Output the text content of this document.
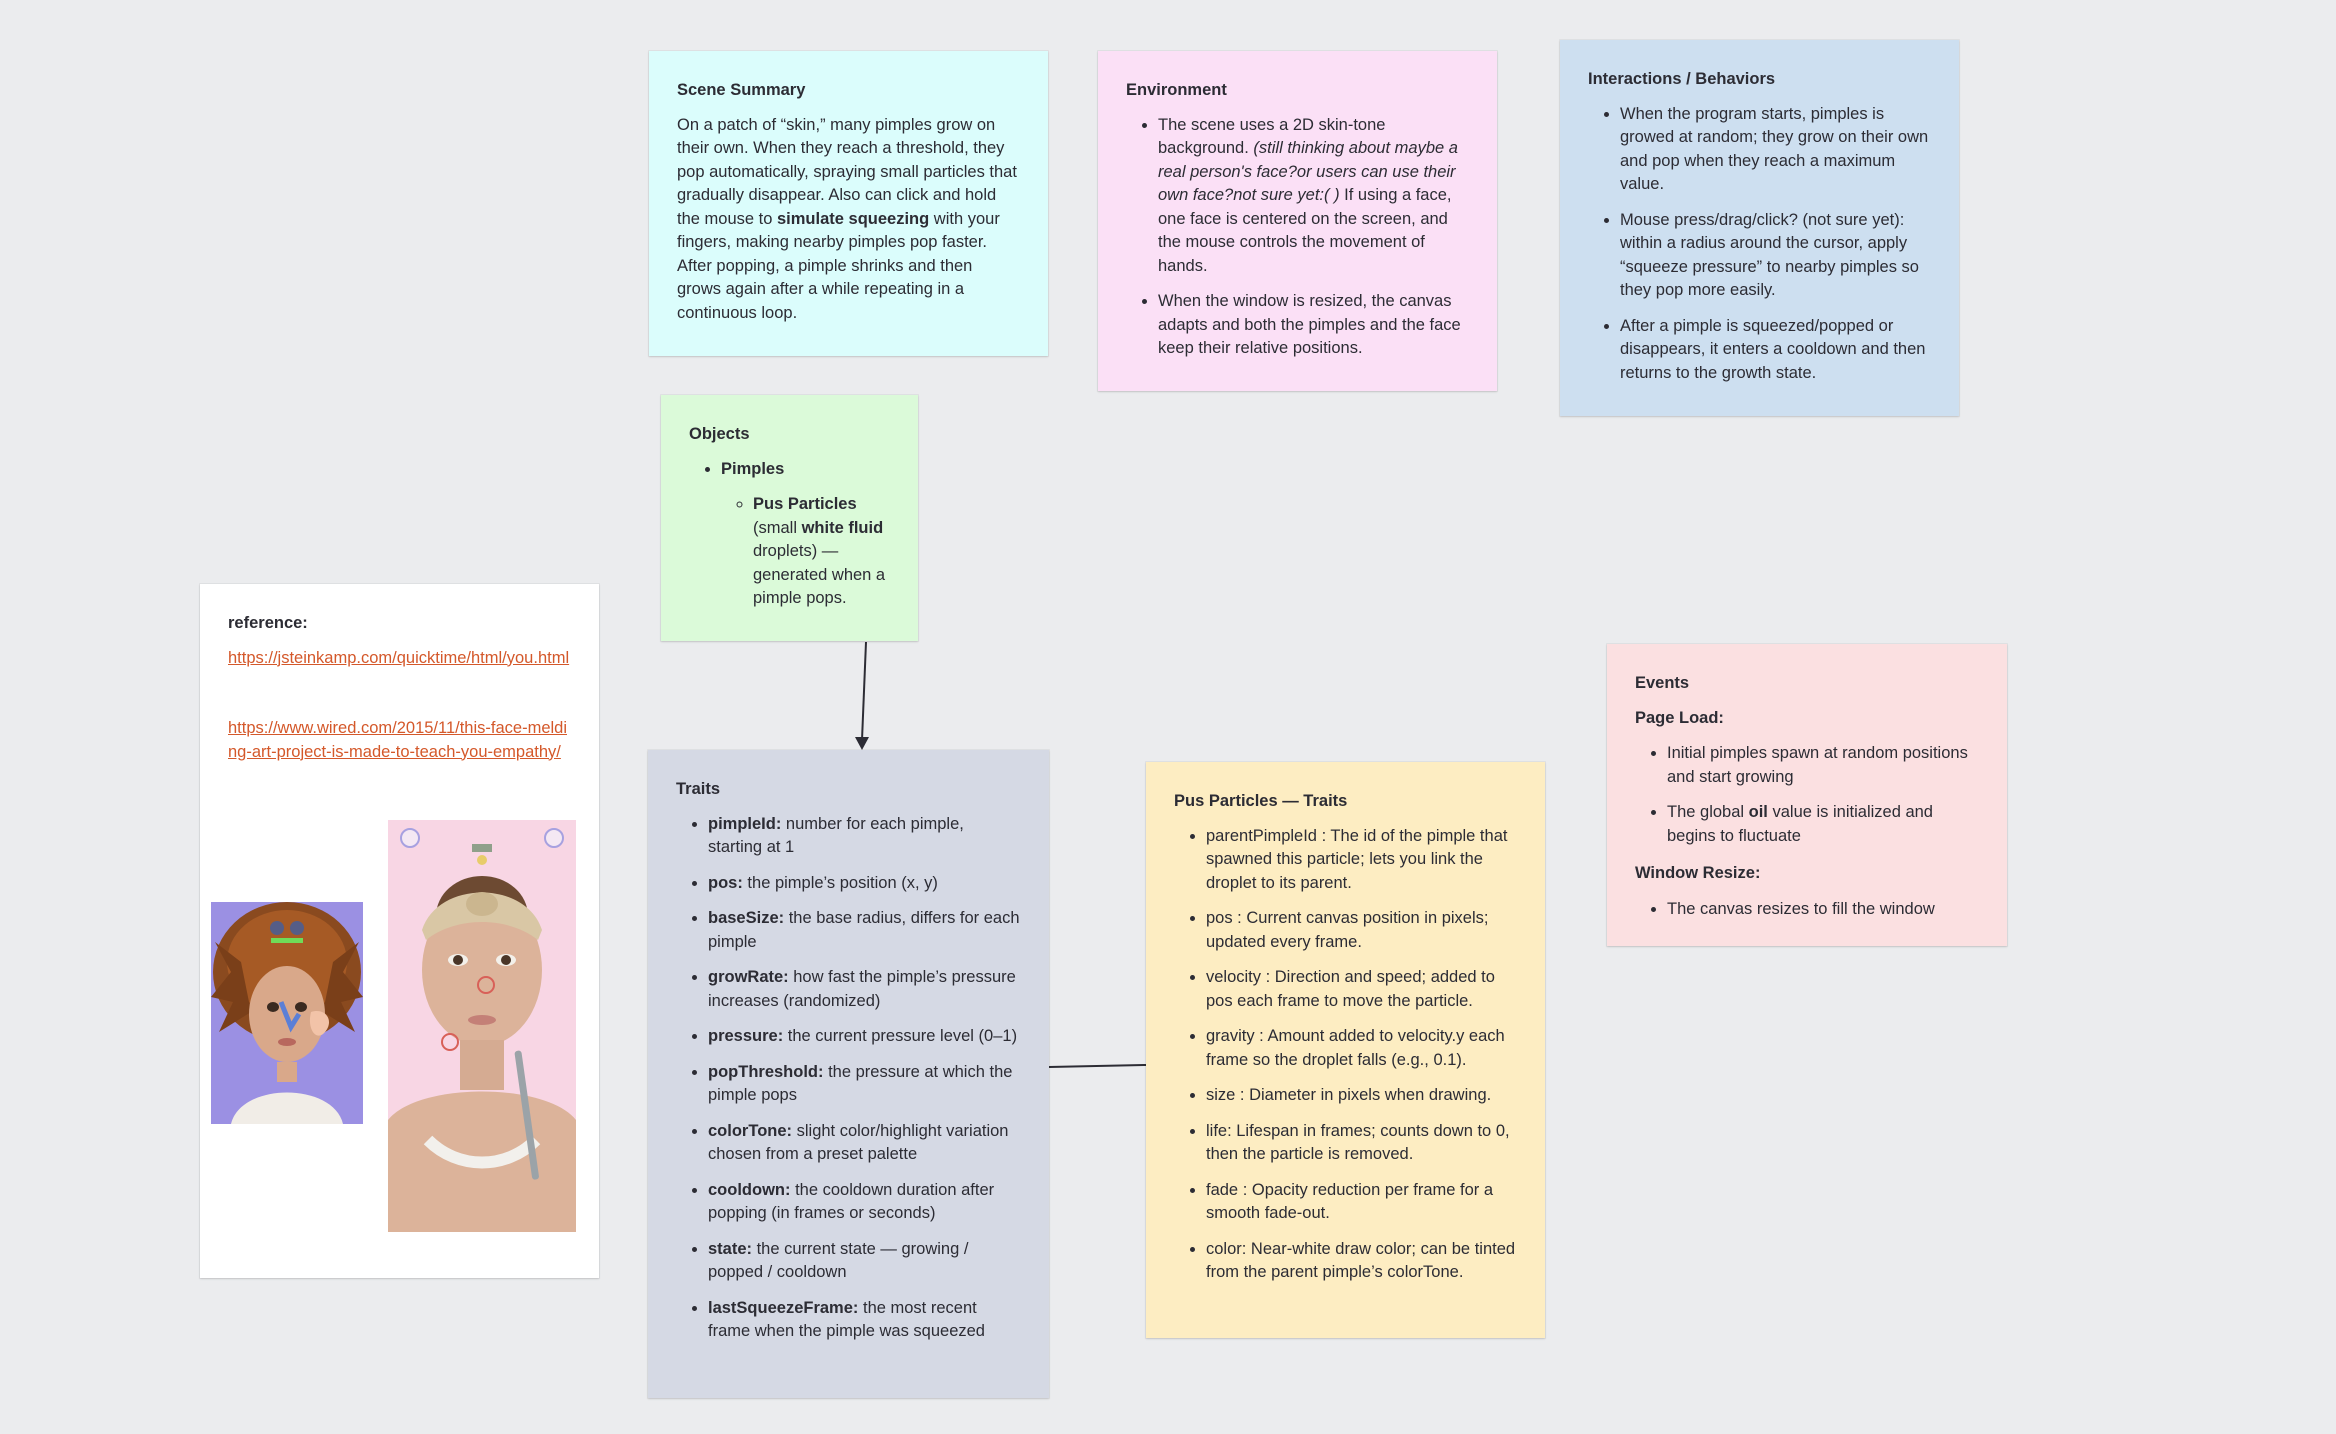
Scene Summary

On a patch of “skin,” many pimples grow on their own. When they reach a threshold, they pop automatically, spraying small particles that gradually disappear. Also can click and hold the mouse to simulate squeezing with your fingers, making nearby pimples pop faster. After popping, a pimple shrinks and then grows again after a while repeating in a continuous loop.

Environment
• The scene uses a 2D skin-tone background. (still thinking about maybe a real person's face?or users can use their own face?not sure yet:( ) If using a face, one face is centered on the screen, and the mouse controls the movement of hands.
• When the window is resized, the canvas adapts and both the pimples and the face keep their relative positions.
Interactions / Behaviors
• When the program starts, pimples is growed at random; they grow on their own and pop when they reach a maximum value.
• Mouse press/drag/click? (not sure yet): within a radius around the cursor, apply “squeeze pressure” to nearby pimples so they pop more easily.
• After a pimple is squeezed/popped or disappears, it enters a cooldown and then returns to the growth state.
Objects
• Pimples
◦ Pus Particles (small white fluid droplets) — generated when a pimple pops.
reference:
https://jsteinkamp.com/quicktime/html/you.html
https://www.wired.com/2015/11/this-face-melding-art-project-is-made-to-teach-you-empathy/
Traits
• pimpleId: number for each pimple, starting at 1
• pos: the pimple’s position (x, y)
• baseSize: the base radius, differs for each pimple
• growRate: how fast the pimple’s pressure increases (randomized)
• pressure: the current pressure level (0–1)
• popThreshold: the pressure at which the pimple pops
• colorTone: slight color/highlight variation chosen from a preset palette
• cooldown: the cooldown duration after popping (in frames or seconds)
• state: the current state — growing / popped / cooldown
• lastSqueezeFrame: the most recent frame when the pimple was squeezed
Pus Particles — Traits
• parentPimpleId : The id of the pimple that spawned this particle; lets you link the droplet to its parent.
• pos : Current canvas position in pixels; updated every frame.
• velocity : Direction and speed; added to pos each frame to move the particle.
• gravity : Amount added to velocity.y each frame so the droplet falls (e.g., 0.1).
• size : Diameter in pixels when drawing.
• life: Lifespan in frames; counts down to 0, then the particle is removed.
• fade : Opacity reduction per frame for a smooth fade-out.
• color: Near-white draw color; can be tinted from the parent pimple’s colorTone.
Events
Page Load:
• Initial pimples spawn at random positions and start growing
• The global oil value is initialized and begins to fluctuate
Window Resize:
• The canvas resizes to fill the window
